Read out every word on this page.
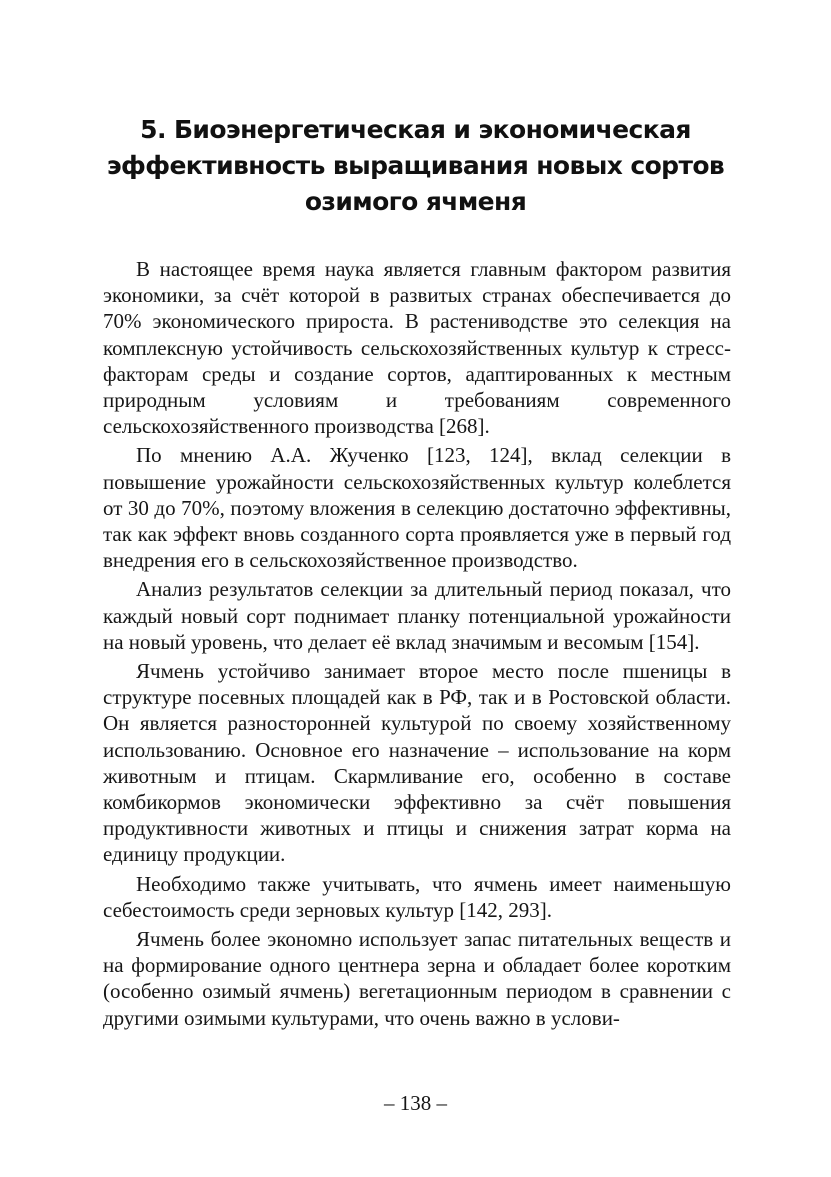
5. Биоэнергетическая и экономическая эффективность выращивания новых сортов озимого ячменя

В настоящее время наука является главным фактором развития экономики, за счёт которой в развитых странах обеспечивается до 70% экономического прироста. В растениводстве это селекция на комплексную устойчивость сельскохозяйственных культур к стресс-факторам среды и создание сортов, адаптированных к местным природным условиям и требованиям современного сельскохозяйственного производства [268].

По мнению А.А. Жученко [123, 124], вклад селекции в повышение урожайности сельскохозяйственных культур колеблется от 30 до 70%, поэтому вложения в селекцию достаточно эффективны, так как эффект вновь созданного сорта проявляется уже в первый год внедрения его в сельскохозяйственное производство.

Анализ результатов селекции за длительный период показал, что каждый новый сорт поднимает планку потенциальной урожайности на новый уровень, что делает её вклад значимым и весомым [154].

Ячмень устойчиво занимает второе место после пшеницы в структуре посевных площадей как в РФ, так и в Ростовской области. Он является разносторонней культурой по своему хозяйственному использованию. Основное его назначение – использование на корм животным и птицам. Скармливание его, особенно в составе комбикормов экономически эффективно за счёт повышения продуктивности животных и птицы и снижения затрат корма на единицу продукции.

Необходимо также учитывать, что ячмень имеет наименьшую себестоимость среди зерновых культур [142, 293].

Ячмень более экономно использует запас питательных веществ и на формирование одного центнера зерна и обладает более коротким (особенно озимый ячмень) вегетационным периодом в сравнении с другими озимыми культурами, что очень важно в услови-

– 138 –
